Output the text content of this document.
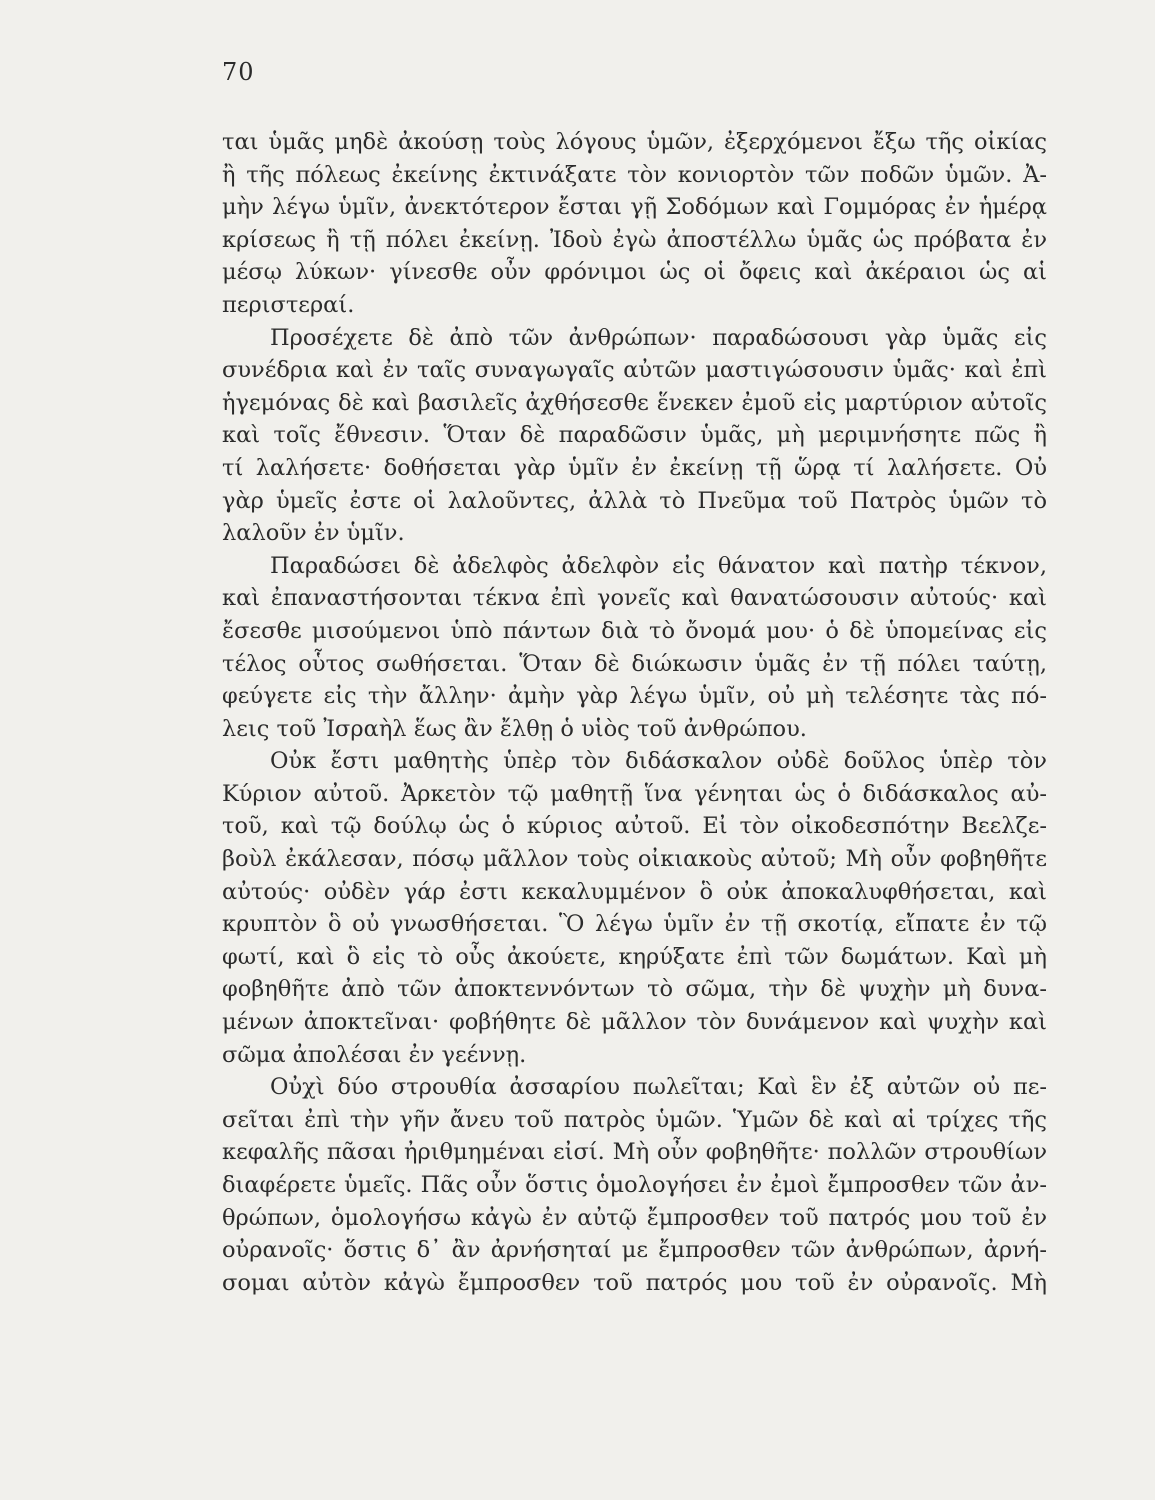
70
ται ὑμᾶς μηδὲ ἀκούσῃ τοὺς λόγους ὑμῶν, ἐξερχόμενοι ἔξω τῆς οἰκίας
ἢ τῆς πόλεως ἐκείνης ἐκτινάξατε τὸν κονιορτὸν τῶν ποδῶν ὑμῶν. Ἀ-
μὴν λέγω ὑμῖν, ἀνεκτότερον ἔσται γῇ Σοδόμων καὶ Γομμόρας ἐν ἡμέρᾳ
κρίσεως ἢ τῇ πόλει ἐκείνῃ. Ἰδοὺ ἐγὼ ἀποστέλλω ὑμᾶς ὡς πρόβατα ἐν
μέσῳ λύκων· γίνεσθε οὖν φρόνιμοι ὡς οἱ ὄφεις καὶ ἀκέραιοι ὡς αἱ
περιστεραί.
Προσέχετε δὲ ἀπὸ τῶν ἀνθρώπων· παραδώσουσι γὰρ ὑμᾶς εἰς
συνέδρια καὶ ἐν ταῖς συναγωγαῖς αὐτῶν μαστιγώσουσιν ὑμᾶς· καὶ ἐπὶ
ἡγεμόνας δὲ καὶ βασιλεῖς ἀχθήσεσθε ἕνεκεν ἐμοῦ εἰς μαρτύριον αὐτοῖς
καὶ τοῖς ἔθνεσιν. Ὅταν δὲ παραδῶσιν ὑμᾶς, μὴ μεριμνήσητε πῶς ἢ
τί λαλήσετε· δοθήσεται γὰρ ὑμῖν ἐν ἐκείνῃ τῇ ὥρᾳ τί λαλήσετε. Οὐ
γὰρ ὑμεῖς ἐστε οἱ λαλοῦντες, ἀλλὰ τὸ Πνεῦμα τοῦ Πατρὸς ὑμῶν τὸ
λαλοῦν ἐν ὑμῖν.
Παραδώσει δὲ ἀδελφὸς ἀδελφὸν εἰς θάνατον καὶ πατὴρ τέκνον,
καὶ ἐπαναστήσονται τέκνα ἐπὶ γονεῖς καὶ θανατώσουσιν αὐτούς· καὶ
ἔσεσθε μισούμενοι ὑπὸ πάντων διὰ τὸ ὄνομά μου· ὁ δὲ ὑπομείνας εἰς
τέλος οὗτος σωθήσεται. Ὅταν δὲ διώκωσιν ὑμᾶς ἐν τῇ πόλει ταύτῃ,
φεύγετε εἰς τὴν ἄλλην· ἀμὴν γὰρ λέγω ὑμῖν, οὐ μὴ τελέσητε τὰς πό-
λεις τοῦ Ἰσραὴλ ἕως ἂν ἔλθῃ ὁ υἱὸς τοῦ ἀνθρώπου.
Οὐκ ἔστι μαθητὴς ὑπὲρ τὸν διδάσκαλον οὐδὲ δοῦλος ὑπὲρ τὸν
Κύριον αὐτοῦ. Ἀρκετὸν τῷ μαθητῇ ἵνα γένηται ὡς ὁ διδάσκαλος αὐ-
τοῦ, καὶ τῷ δούλῳ ὡς ὁ κύριος αὐτοῦ. Εἰ τὸν οἰκοδεσπότην Βεελζε-
βοὺλ ἐκάλεσαν, πόσῳ μᾶλλον τοὺς οἰκιακοὺς αὐτοῦ; Μὴ οὖν φοβηθῆτε
αὐτούς· οὐδὲν γάρ ἐστι κεκαλυμμένον ὃ οὐκ ἀποκαλυφθήσεται, καὶ
κρυπτὸν ὃ οὐ γνωσθήσεται. Ὃ λέγω ὑμῖν ἐν τῇ σκοτίᾳ, εἴπατε ἐν τῷ
φωτί, καὶ ὃ εἰς τὸ οὖς ἀκούετε, κηρύξατε ἐπὶ τῶν δωμάτων. Καὶ μὴ
φοβηθῆτε ἀπὸ τῶν ἀποκτεννόντων τὸ σῶμα, τὴν δὲ ψυχὴν μὴ δυνα-
μένων ἀποκτεῖναι· φοβήθητε δὲ μᾶλλον τὸν δυνάμενον καὶ ψυχὴν καὶ
σῶμα ἀπολέσαι ἐν γεέννῃ.
Οὐχὶ δύο στρουθία ἀσσαρίου πωλεῖται; Καὶ ἓν ἐξ αὐτῶν οὐ πε-
σεῖται ἐπὶ τὴν γῆν ἄνευ τοῦ πατρὸς ὑμῶν. Ὑμῶν δὲ καὶ αἱ τρίχες τῆς
κεφαλῆς πᾶσαι ἠριθμημέναι εἰσί. Μὴ οὖν φοβηθῆτε· πολλῶν στρουθίων
διαφέρετε ὑμεῖς. Πᾶς οὖν ὅστις ὁμολογήσει ἐν ἐμοὶ ἔμπροσθεν τῶν ἀν-
θρώπων, ὁμολογήσω κἀγὼ ἐν αὐτῷ ἔμπροσθεν τοῦ πατρός μου τοῦ ἐν
οὐρανοῖς· ὅστις δ᾽ ἂν ἀρνήσηταί με ἔμπροσθεν τῶν ἀνθρώπων, ἀρνή-
σομαι αὐτὸν κἀγὼ ἔμπροσθεν τοῦ πατρός μου τοῦ ἐν οὐρανοῖς. Μὴ
